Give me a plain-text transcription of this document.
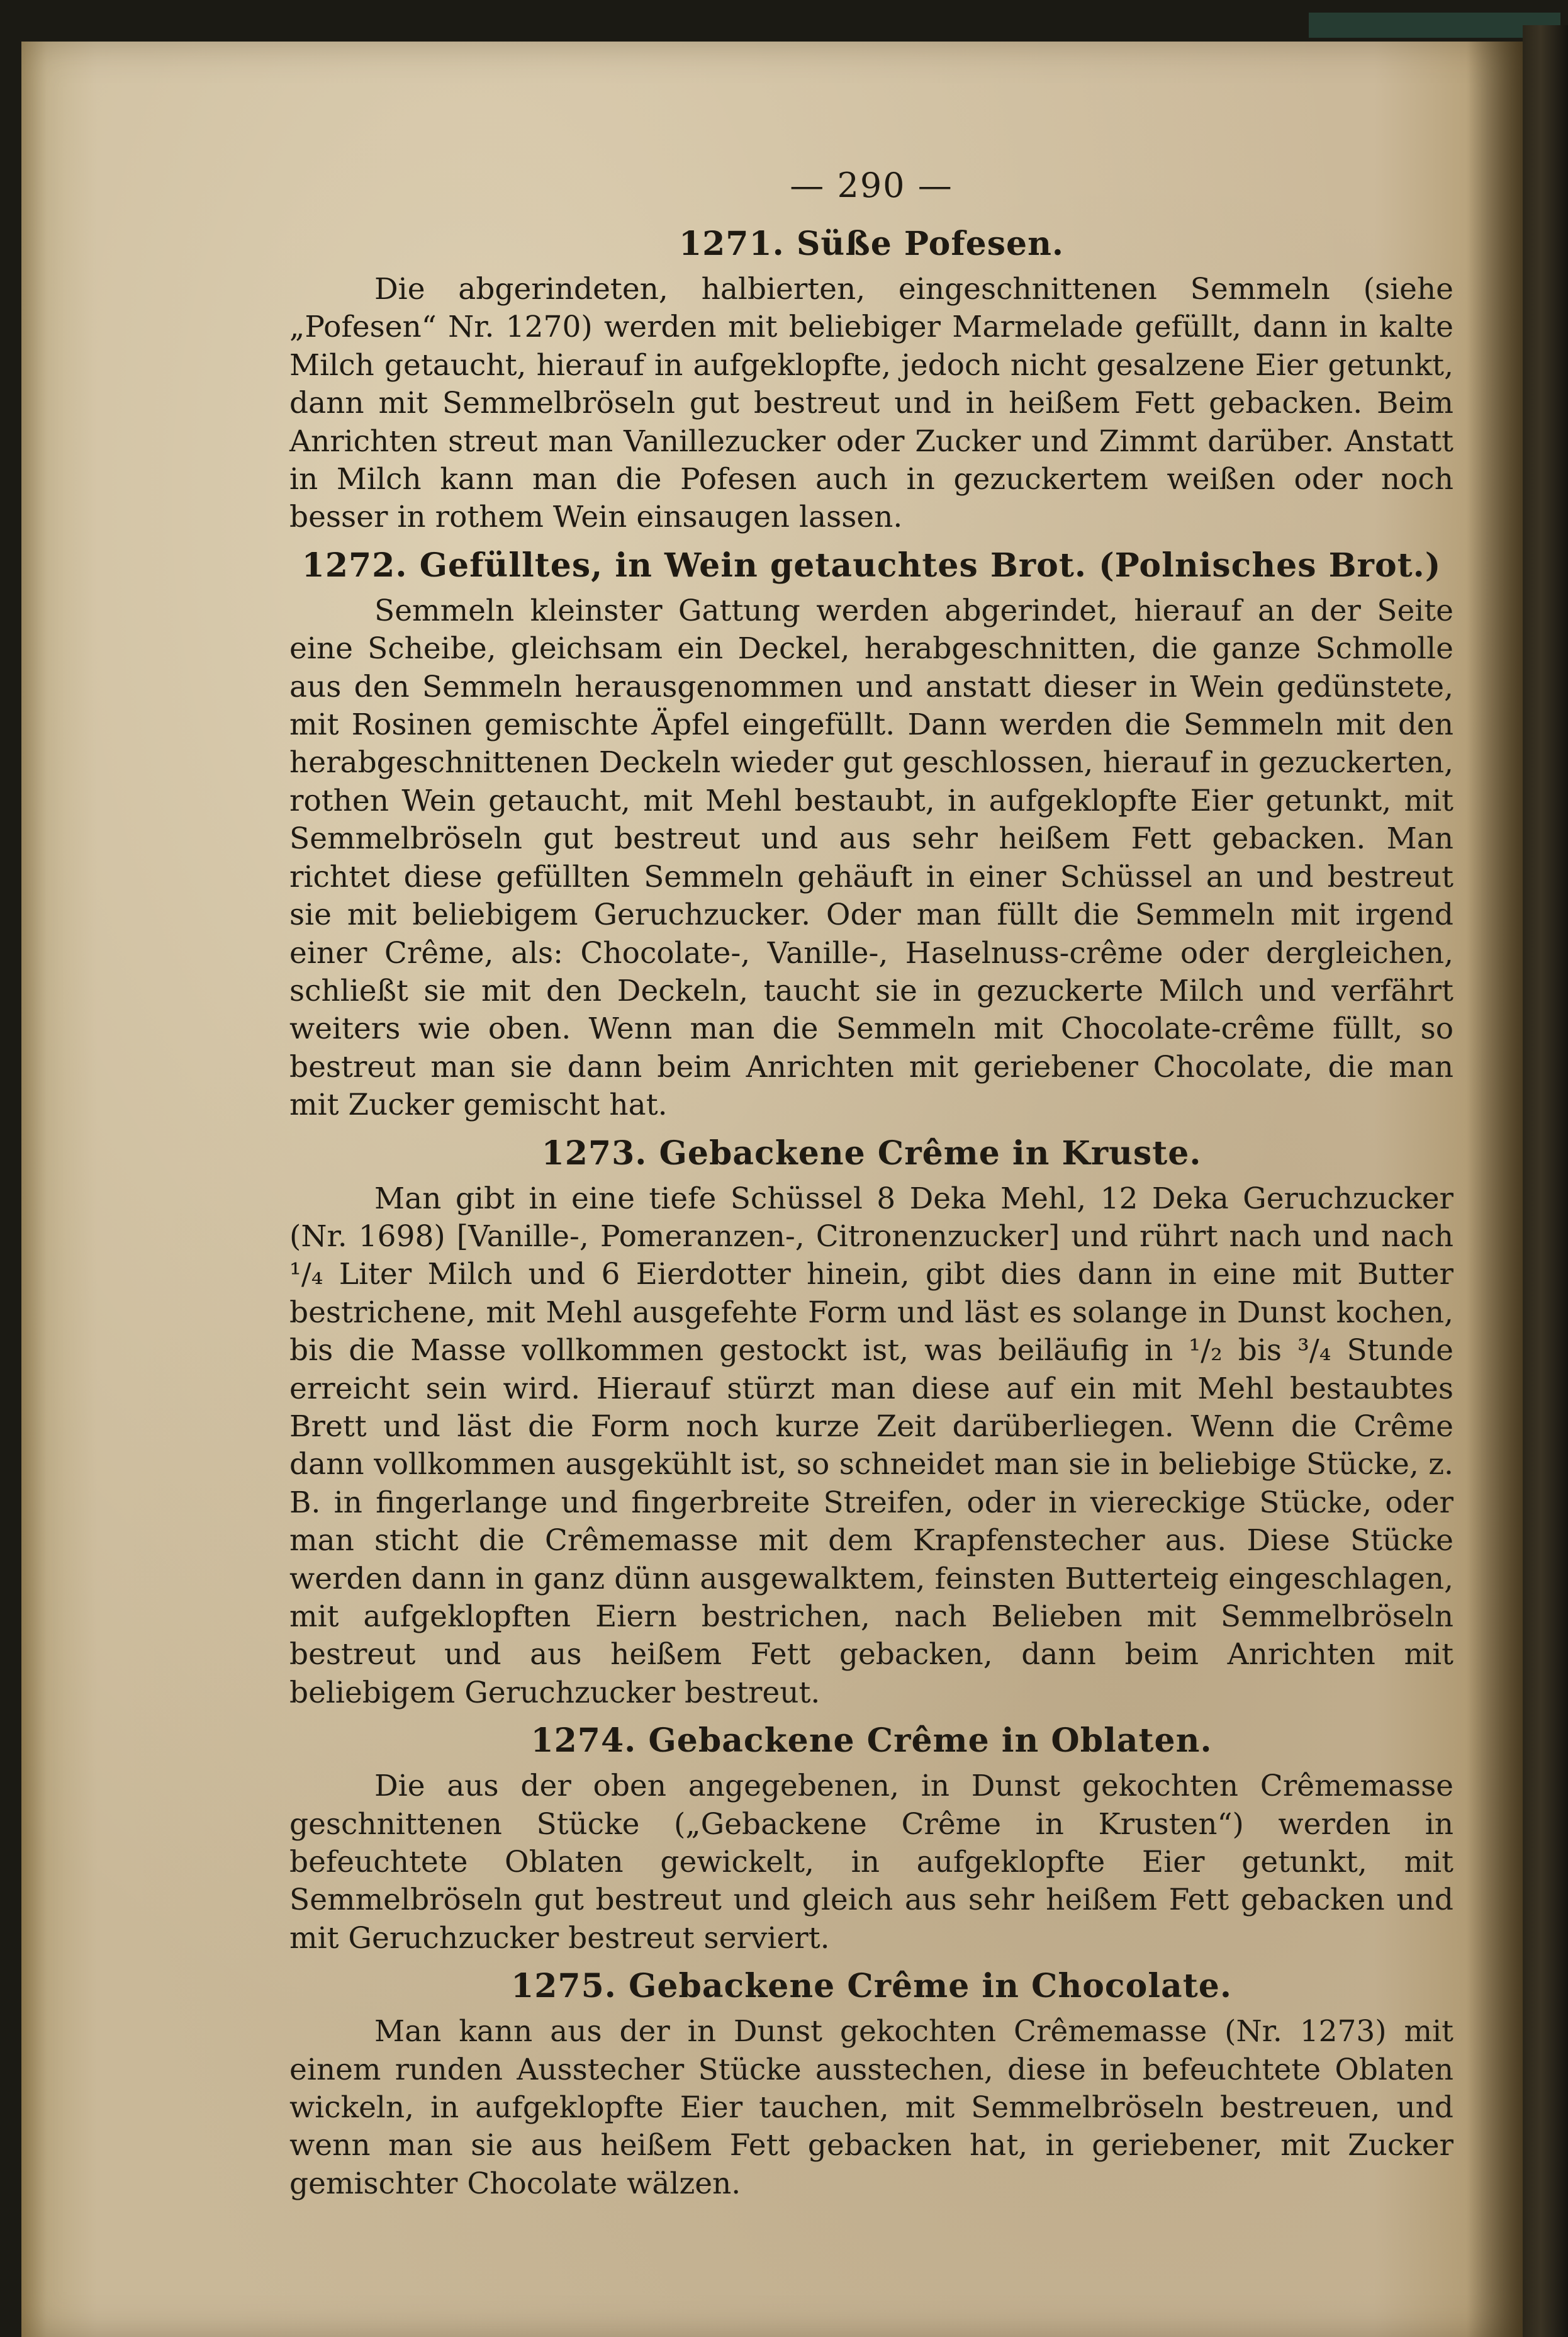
— 290 —
1271. Süße Pofesen.

Die abgerindeten, halbierten, eingeschnittenen Semmeln (siehe „Pofesen“ Nr. 1270) werden mit beliebiger Marmelade gefüllt, dann in kalte Milch getaucht, hierauf in aufgeklopfte, jedoch nicht gesalzene Eier getunkt, dann mit Semmelbröseln gut bestreut und in heißem Fett gebacken. Beim Anrichten streut man Vanillezucker oder Zucker und Zimmt darüber. Anstatt in Milch kann man die Pofesen auch in gezuckertem weißen oder noch besser in rothem Wein einsaugen lassen.

1272. Gefülltes, in Wein getauchtes Brot. (Polnisches Brot.)

Semmeln kleinster Gattung werden abgerindet, hierauf an der Seite eine Scheibe, gleichsam ein Deckel, herabgeschnitten, die ganze Schmolle aus den Semmeln herausgenommen und anstatt dieser in Wein gedünstete, mit Rosinen gemischte Äpfel eingefüllt. Dann werden die Semmeln mit den herabgeschnittenen Deckeln wieder gut geschlossen, hierauf in gezuckerten, rothen Wein getaucht, mit Mehl bestaubt, in aufgeklopfte Eier getunkt, mit Semmelbröseln gut bestreut und aus sehr heißem Fett gebacken. Man richtet diese gefüllten Semmeln gehäuft in einer Schüssel an und bestreut sie mit beliebigem Geruchzucker. Oder man füllt die Semmeln mit irgend einer Crême, als: Chocolate-, Vanille-, Haselnuss-crême oder dergleichen, schließt sie mit den Deckeln, taucht sie in gezuckerte Milch und verfährt weiters wie oben. Wenn man die Semmeln mit Chocolate-crême füllt, so bestreut man sie dann beim Anrichten mit geriebener Chocolate, die man mit Zucker gemischt hat.

1273. Gebackene Crême in Kruste.

Man gibt in eine tiefe Schüssel 8 Deka Mehl, 12 Deka Geruchzucker (Nr. 1698) [Vanille-, Pomeranzen-, Citronenzucker] und rührt nach und nach ¹/₄ Liter Milch und 6 Eierdotter hinein, gibt dies dann in eine mit Butter bestrichene, mit Mehl ausgefehte Form und läst es solange in Dunst kochen, bis die Masse vollkommen gestockt ist, was beiläufig in ¹/₂ bis ³/₄ Stunde erreicht sein wird. Hierauf stürzt man diese auf ein mit Mehl bestaubtes Brett und läst die Form noch kurze Zeit darüberliegen. Wenn die Crême dann vollkommen ausgekühlt ist, so schneidet man sie in beliebige Stücke, z. B. in fingerlange und fingerbreite Streifen, oder in viereckige Stücke, oder man sticht die Crêmemasse mit dem Krapfenstecher aus. Diese Stücke werden dann in ganz dünn ausgewalktem, feinsten Butterteig eingeschlagen, mit aufgeklopften Eiern bestrichen, nach Belieben mit Semmelbröseln bestreut und aus heißem Fett gebacken, dann beim Anrichten mit beliebigem Geruchzucker bestreut.

1274. Gebackene Crême in Oblaten.

Die aus der oben angegebenen, in Dunst gekochten Crêmemasse geschnittenen Stücke („Gebackene Crême in Krusten“) werden in befeuchtete Oblaten gewickelt, in aufgeklopfte Eier getunkt, mit Semmelbröseln gut bestreut und gleich aus sehr heißem Fett gebacken und mit Geruchzucker bestreut serviert.

1275. Gebackene Crême in Chocolate.

Man kann aus der in Dunst gekochten Crêmemasse (Nr. 1273) mit einem runden Ausstecher Stücke ausstechen, diese in befeuchtete Oblaten wickeln, in aufgeklopfte Eier tauchen, mit Semmelbröseln bestreuen, und wenn man sie aus heißem Fett gebacken hat, in geriebener, mit Zucker gemischter Chocolate wälzen.
